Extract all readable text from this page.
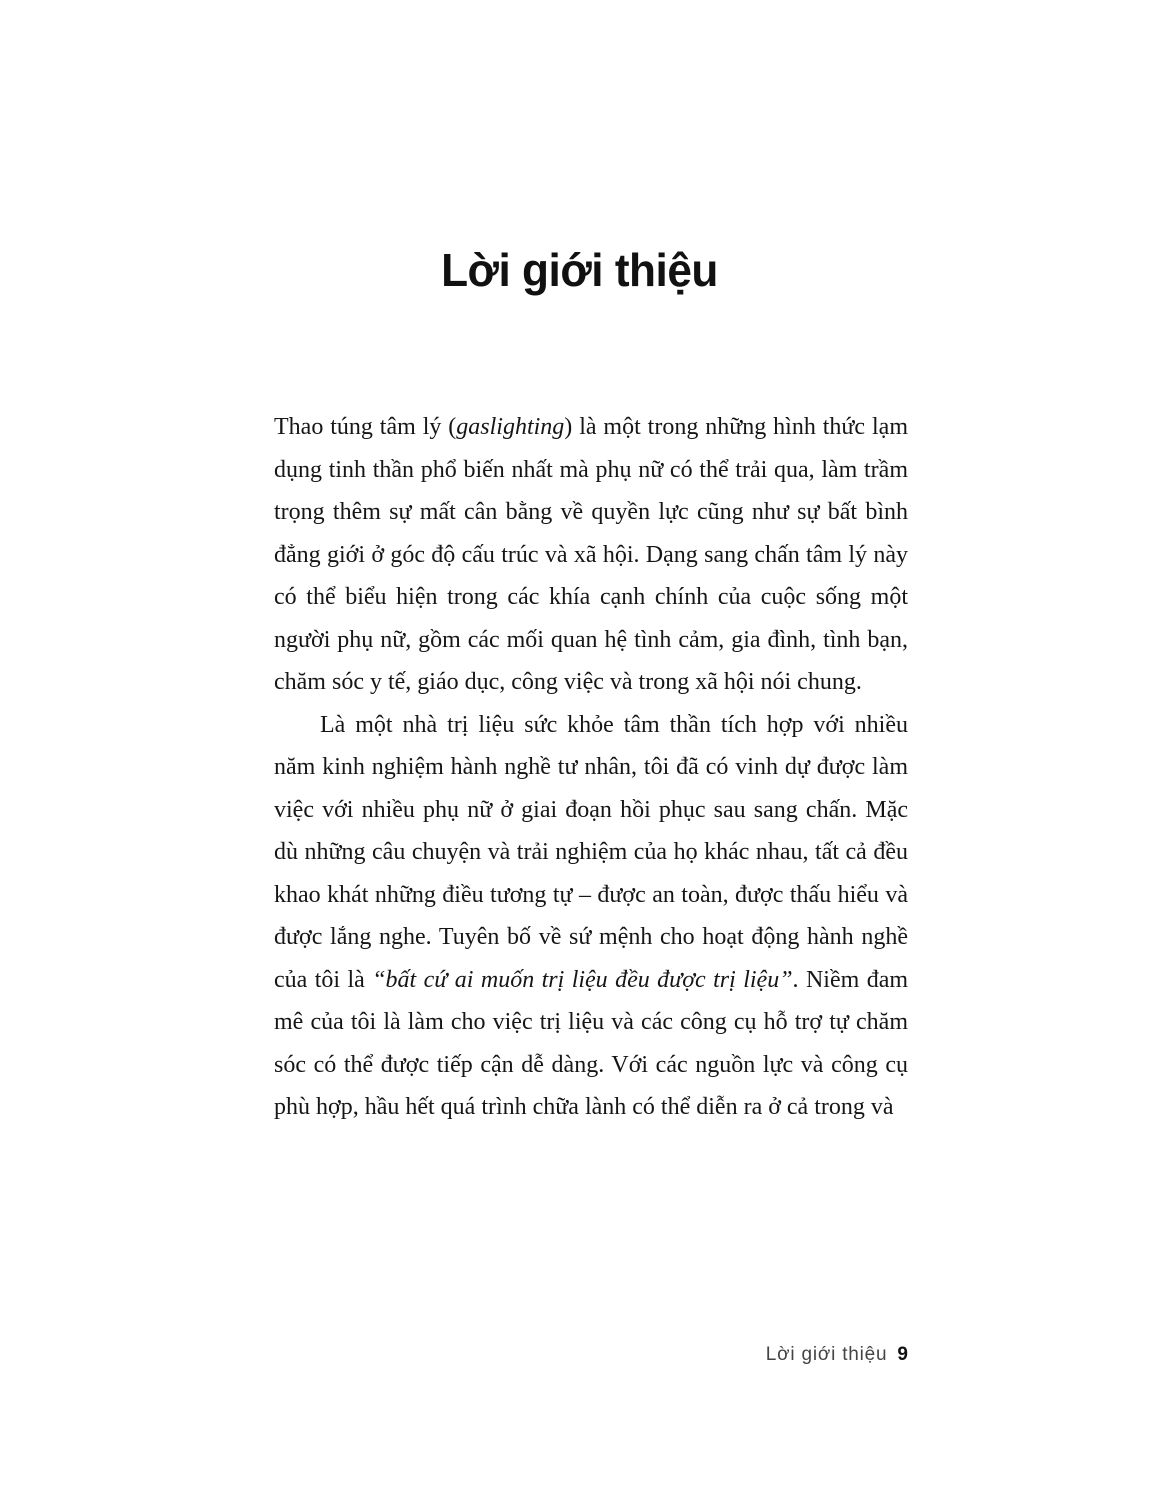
Lời giới thiệu

Thao túng tâm lý (gaslighting) là một trong những hình thức lạm dụng tinh thần phổ biến nhất mà phụ nữ có thể trải qua, làm trầm trọng thêm sự mất cân bằng về quyền lực cũng như sự bất bình đẳng giới ở góc độ cấu trúc và xã hội. Dạng sang chấn tâm lý này có thể biểu hiện trong các khía cạnh chính của cuộc sống một người phụ nữ, gồm các mối quan hệ tình cảm, gia đình, tình bạn, chăm sóc y tế, giáo dục, công việc và trong xã hội nói chung.

Là một nhà trị liệu sức khỏe tâm thần tích hợp với nhiều năm kinh nghiệm hành nghề tư nhân, tôi đã có vinh dự được làm việc với nhiều phụ nữ ở giai đoạn hồi phục sau sang chấn. Mặc dù những câu chuyện và trải nghiệm của họ khác nhau, tất cả đều khao khát những điều tương tự – được an toàn, được thấu hiểu và được lắng nghe. Tuyên bố về sứ mệnh cho hoạt động hành nghề của tôi là “bất cứ ai muốn trị liệu đều được trị liệu”. Niềm đam mê của tôi là làm cho việc trị liệu và các công cụ hỗ trợ tự chăm sóc có thể được tiếp cận dễ dàng. Với các nguồn lực và công cụ phù hợp, hầu hết quá trình chữa lành có thể diễn ra ở cả trong và

Lời giới thiệu 9
